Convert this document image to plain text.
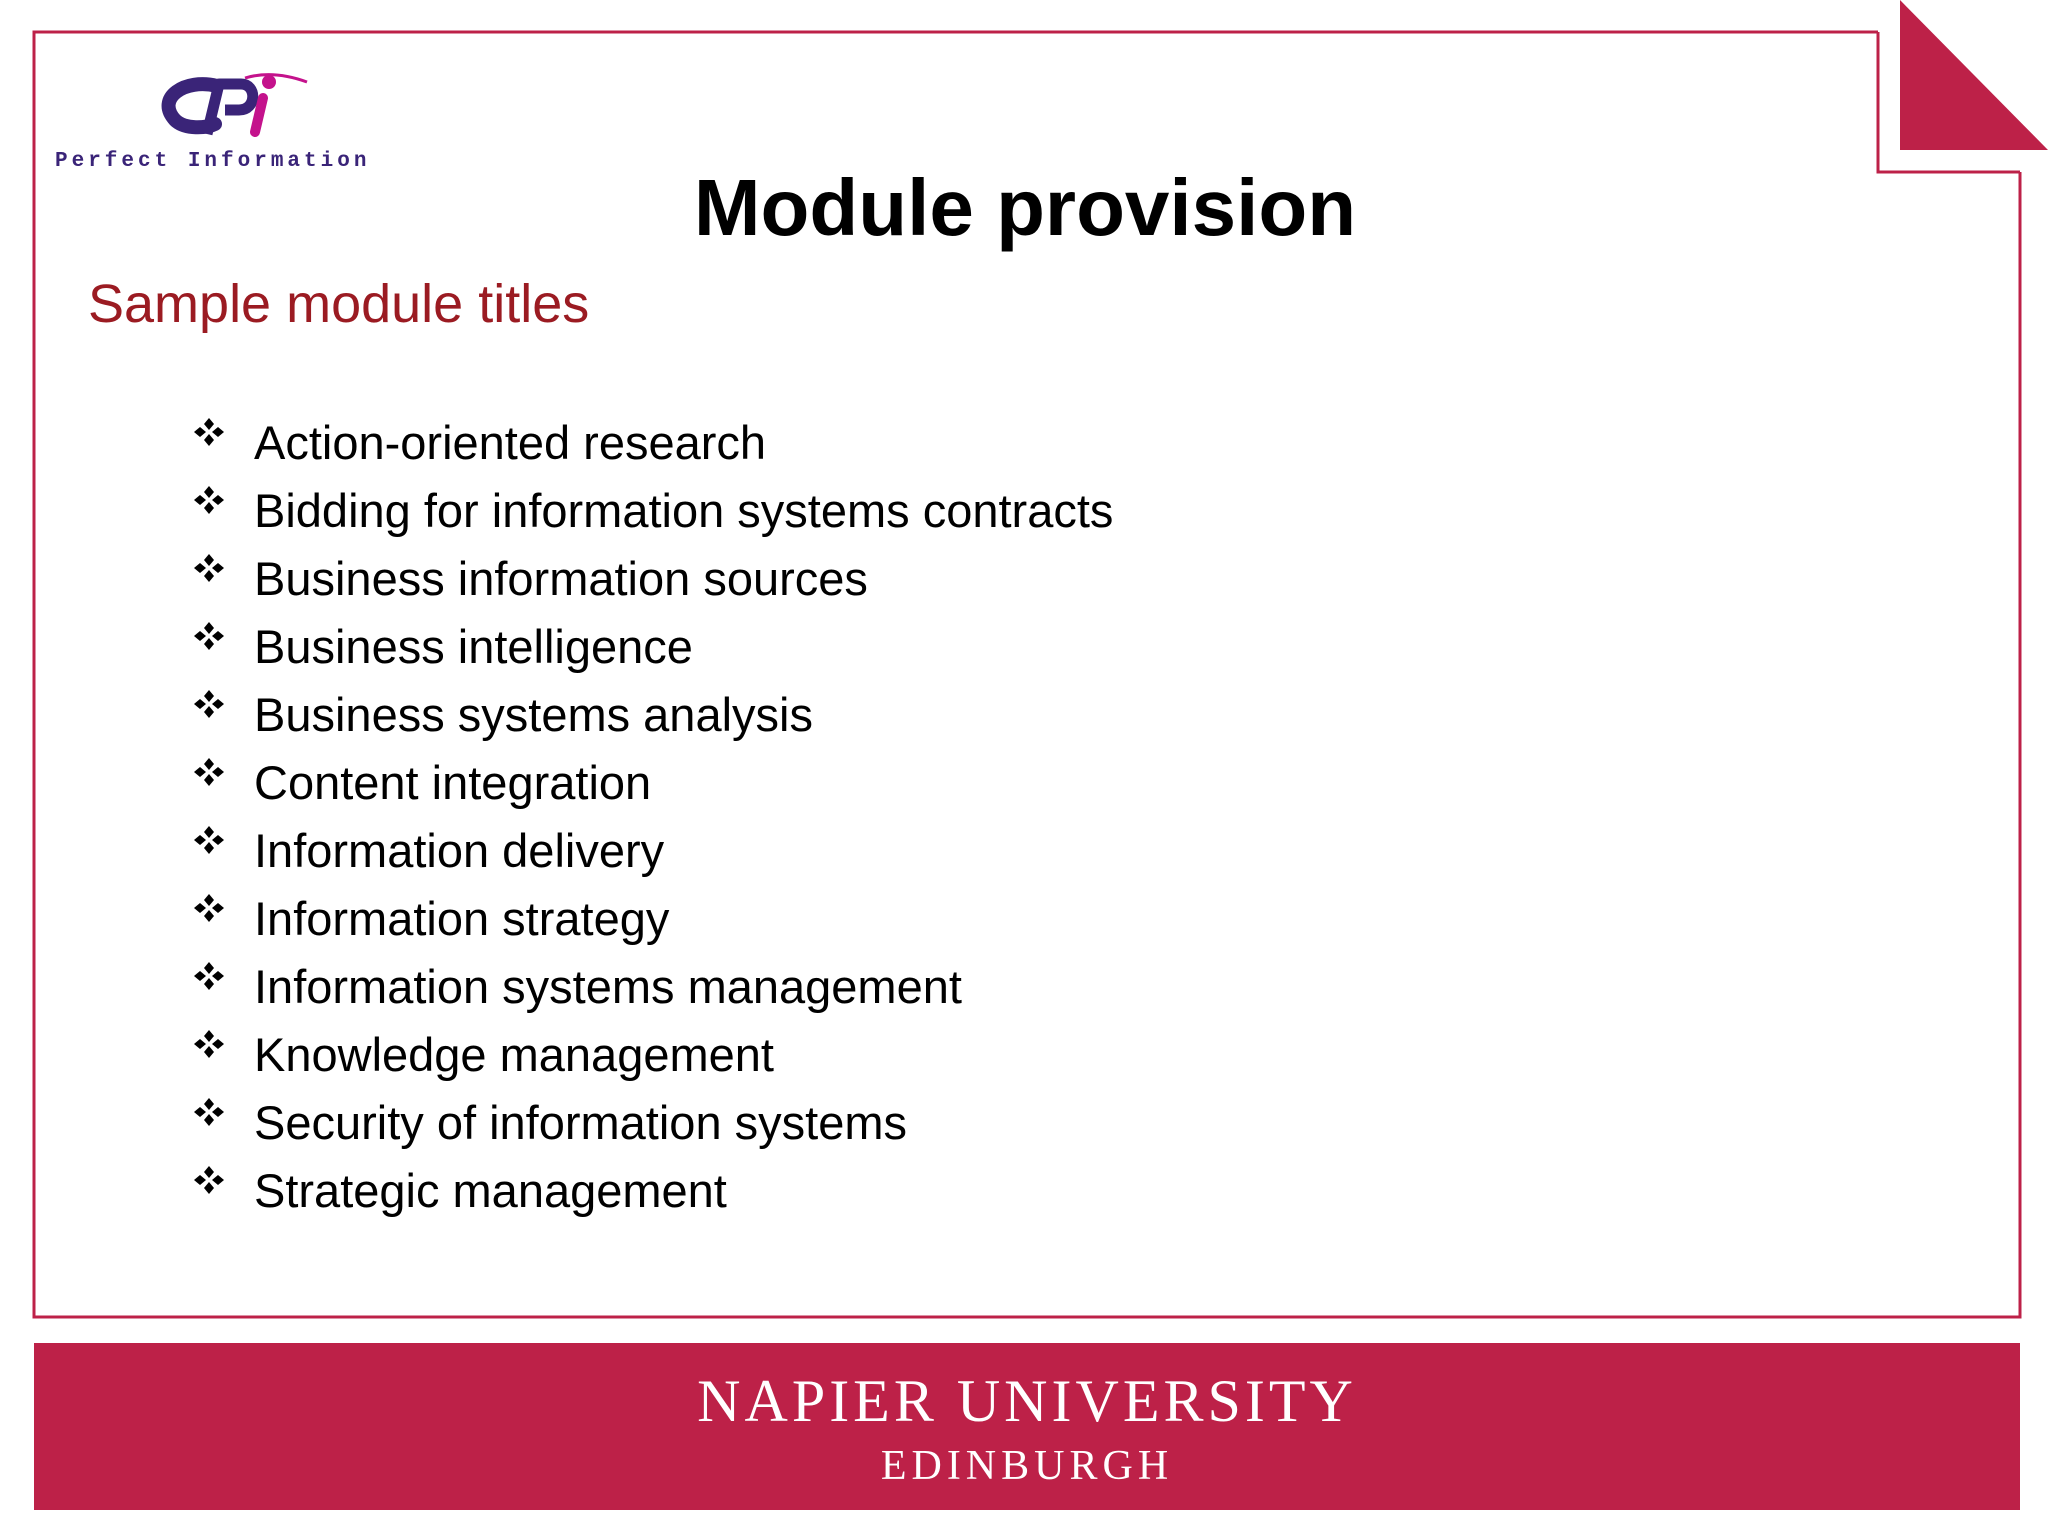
Perfect Information
Module provision
Sample module titles
Action-oriented research
Bidding for information systems contracts
Business information sources
Business intelligence
Business systems analysis
Content integration
Information delivery
Information strategy
Information systems management
Knowledge management
Security of information systems
Strategic management
NAPIER UNIVERSITY
EDINBURGH
